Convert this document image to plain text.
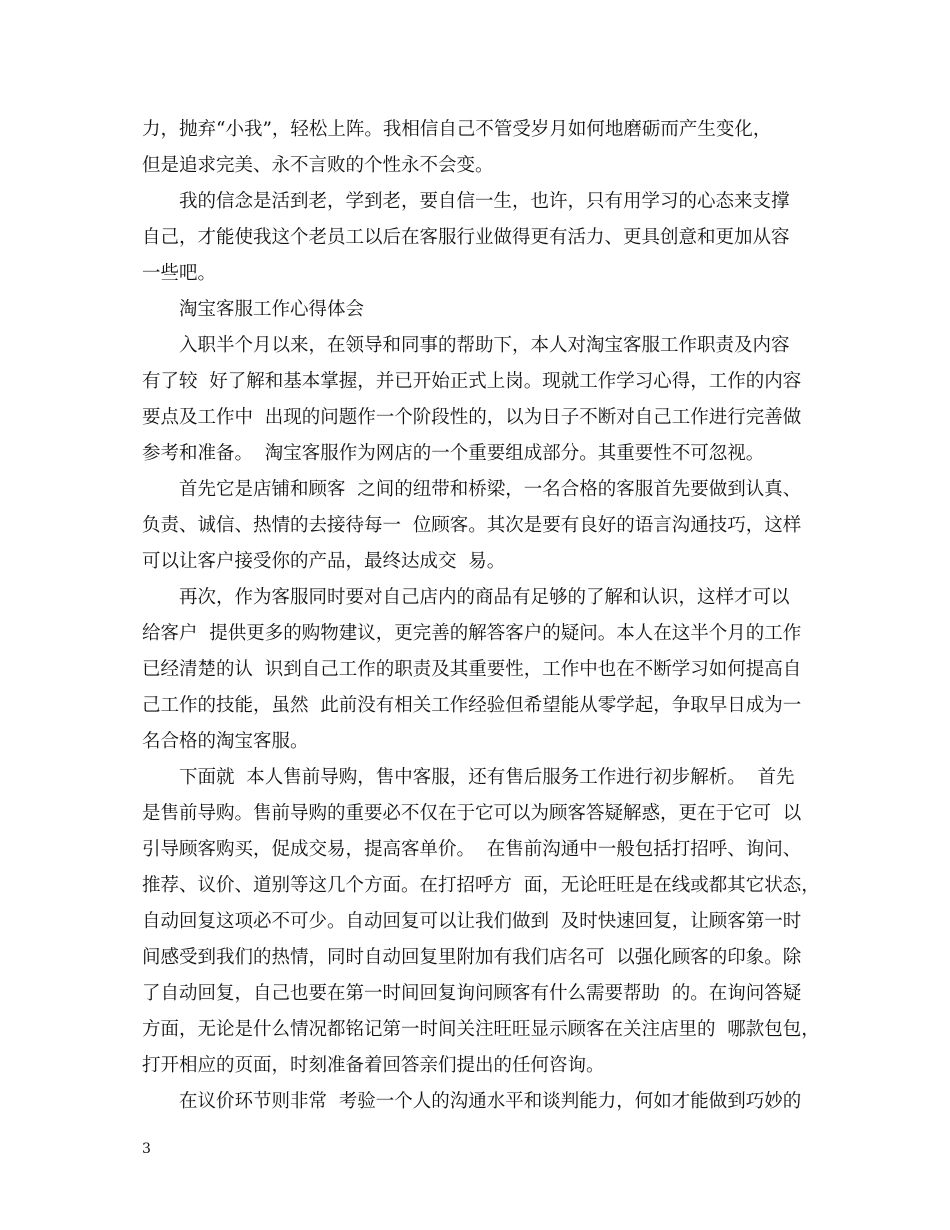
力，抛弃“小我”，轻松上阵。我相信自己不管受岁月如何地磨砺而产生变化，
但是追求完美、永不言败的个性永不会变。
我的信念是活到老，学到老，要自信一生，也许，只有用学习的心态来支撑
自己，才能使我这个老员工以后在客服行业做得更有活力、更具创意和更加从容
一些吧。
淘宝客服工作心得体会
入职半个月以来，在领导和同事的帮助下，本人对淘宝客服工作职责及内容
有了较  好了解和基本掌握，并已开始正式上岗。现就工作学习心得，工作的内容
要点及工作中  出现的问题作一个阶段性的，以为日子不断对自己工作进行完善做
参考和准备。  淘宝客服作为网店的一个重要组成部分。其重要性不可忽视。
首先它是店铺和顾客  之间的纽带和桥梁，一名合格的客服首先要做到认真、
负责、诚信、热情的去接待每一  位顾客。其次是要有良好的语言沟通技巧，这样
可以让客户接受你的产品，最终达成交  易。
再次，作为客服同时要对自己店内的商品有足够的了解和认识，这样才可以
给客户  提供更多的购物建议，更完善的解答客户的疑问。本人在这半个月的工作
已经清楚的认  识到自己工作的职责及其重要性，工作中也在不断学习如何提高自
己工作的技能，虽然  此前没有相关工作经验但希望能从零学起，争取早日成为一
名合格的淘宝客服。
下面就  本人售前导购，售中客服，还有售后服务工作进行初步解析。  首先
是售前导购。售前导购的重要必不仅在于它可以为顾客答疑解惑，更在于它可  以
引导顾客购买，促成交易，提高客单价。  在售前沟通中一般包括打招呼、询问、
推荐、议价、道别等这几个方面。在打招呼方  面，无论旺旺是在线或都其它状态，
自动回复这项必不可少。自动回复可以让我们做到  及时快速回复，让顾客第一时
间感受到我们的热情，同时自动回复里附加有我们店名可  以强化顾客的印象。除
了自动回复，自己也要在第一时间回复询问顾客有什么需要帮助  的。在询问答疑
方面，无论是什么情况都铭记第一时间关注旺旺显示顾客在关注店里的  哪款包包，
打开相应的页面，时刻准备着回答亲们提出的任何咨询。
在议价环节则非常  考验一个人的沟通水平和谈判能力，何如才能做到巧妙的
3
